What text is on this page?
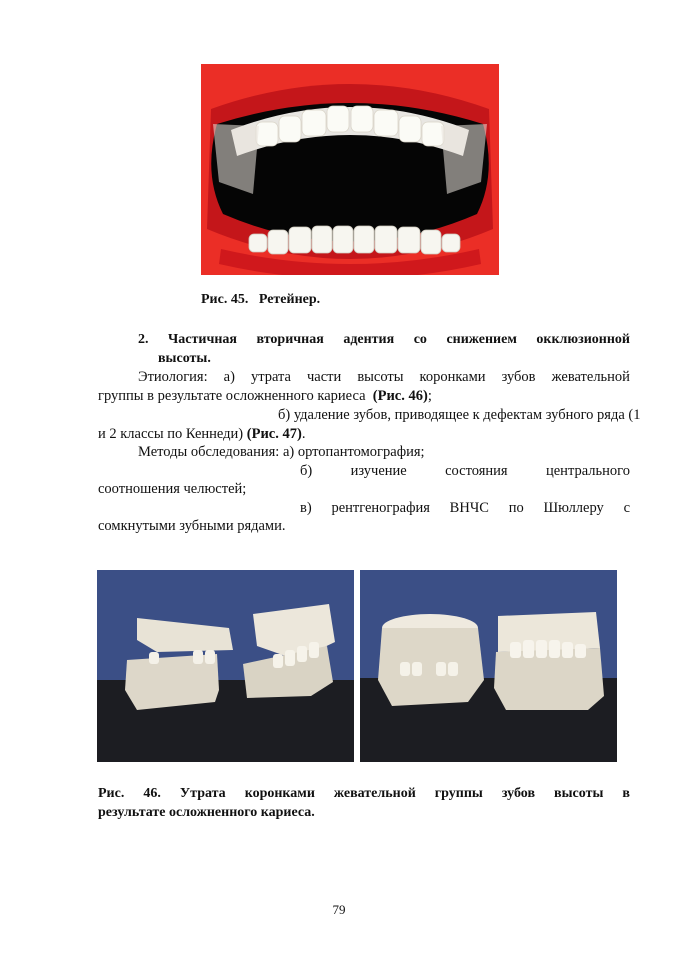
Рис. 45.   Ретейнер.
2. Частичная вторичная адентия со снижением окклюзионной
высоты.
Этиология: а) утрата части высоты коронками зубов жевательной
группы в результате осложненного кариеса (Рис. 46);
б) удаление зубов, приводящее к дефектам зубного ряда (1
и 2 классы по Кеннеди) (Рис. 47).
Методы обследования: а) ортопантомография;
б)	изучение	состояния	центрального
соотношения челюстей;
в) рентгенография ВНЧС по Шюллеру с
сомкнутыми зубными рядами.
Рис. 46. Утрата коронками жевательной группы зубов высоты в
результате осложненного кариеса.
79
